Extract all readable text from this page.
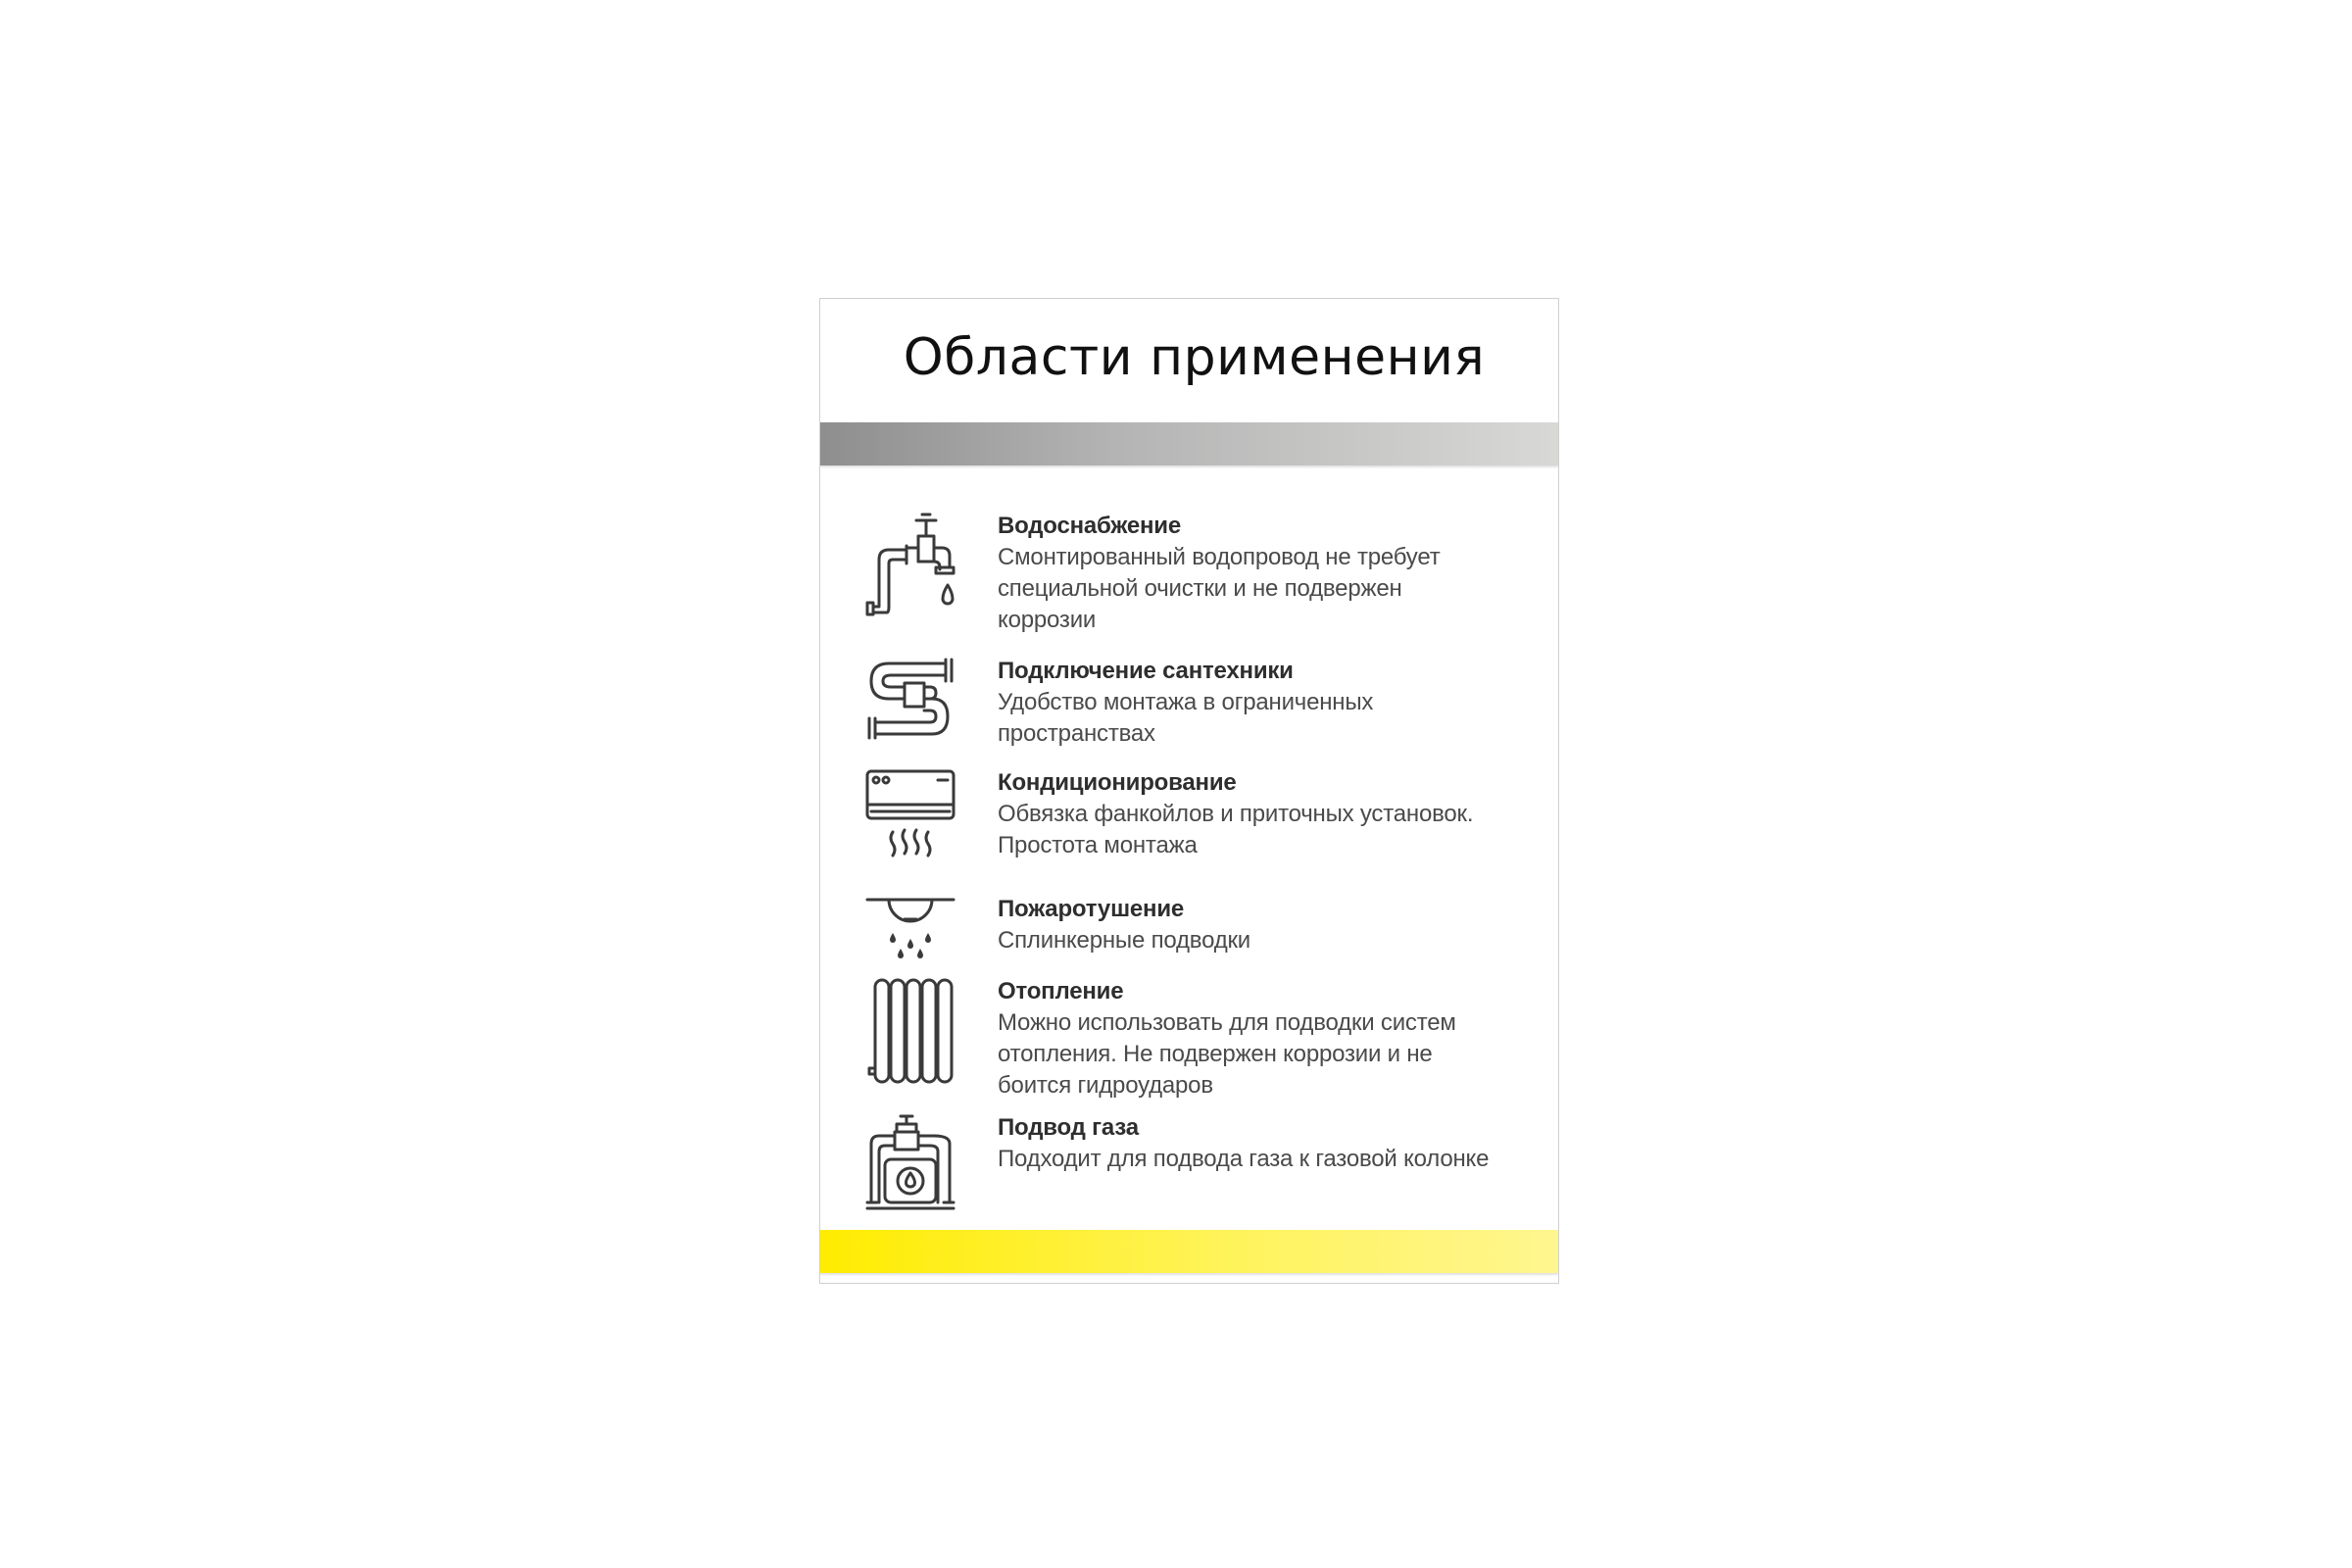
Области применения
Водоснабжение
Смонтированный водопровод не требует
специальной очистки и не подвержен
коррозии
Подключение сантехники
Удобство монтажа в ограниченных
пространствах
Кондиционирование
Обвязка фанкойлов и приточных установок.
Простота монтажа
Пожаротушение
Сплинкерные подводки
Отопление
Можно использовать для подводки систем
отопления. Не подвержен коррозии и не
боится гидроударов
Подвод газа
Подходит для подвода газа к газовой колонке
